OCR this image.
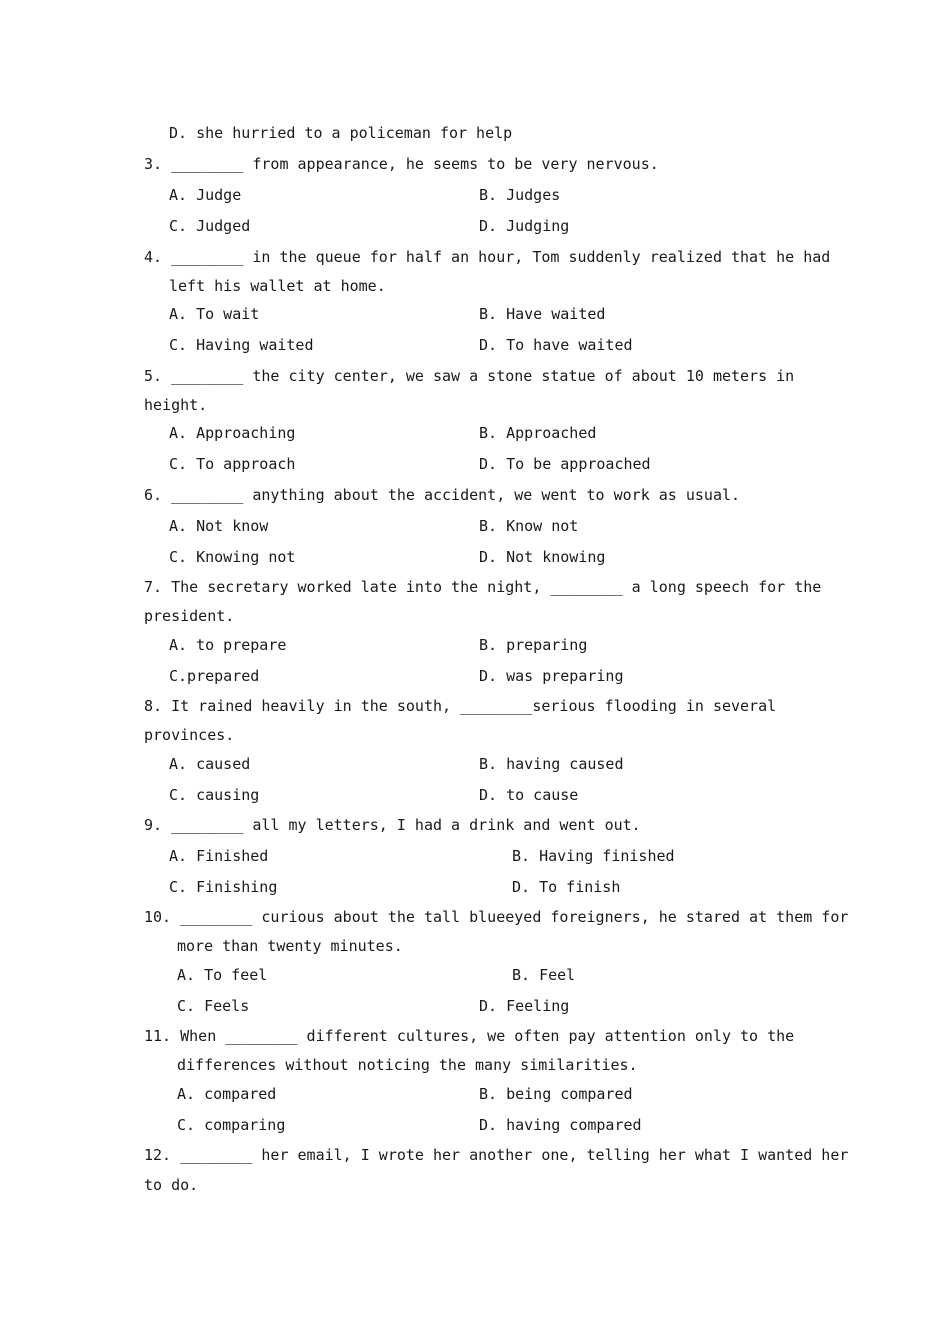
D. she hurried to a policeman for help
3. ________ from appearance, he seems to be very nervous.
A. Judge	B. Judges
C. Judged	D. Judging
4. ________ in the queue for half an hour, Tom suddenly realized that he had
left his wallet at home.
A. To wait	B. Have waited
C. Having waited	D. To have waited
5. ________ the city center, we saw a stone statue of about 10 meters in
height.
A. Approaching	B. Approached
C. To approach	D. To be approached
6. ________ anything about the accident, we went to work as usual.
A. Not know	B. Know not
C. Knowing not	D. Not knowing
7. The secretary worked late into the night, ________ a long speech for the
president.
A. to prepare	B. preparing
C.prepared	D. was preparing
8. It rained heavily in the south, ________serious flooding in several
provinces.
A. caused	B. having caused
C. causing	D. to cause
9. ________ all my letters, I had a drink and went out.
A. Finished	B. Having finished
C. Finishing	D. To finish
10. ________ curious about the tall blueeyed foreigners, he stared at them for
more than twenty minutes.
A. To feel	B. Feel
C. Feels	D. Feeling
11. When ________ different cultures, we often pay attention only to the
differences without noticing the many similarities.
A. compared	B. being compared
C. comparing	D. having compared
12. ________ her email, I wrote her another one, telling her what I wanted her
to do.
